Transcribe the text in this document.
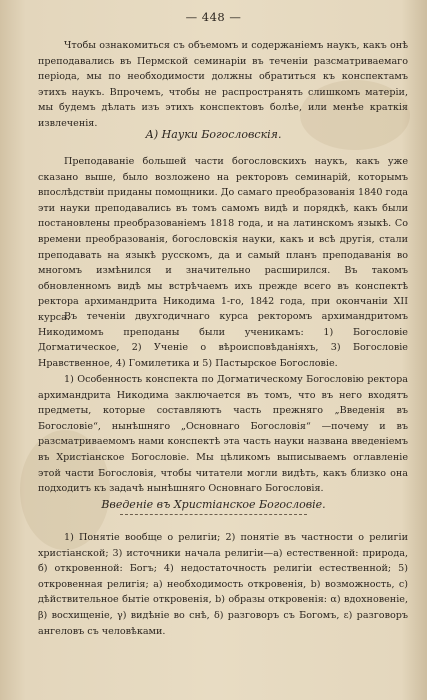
— 448 —
Чтобы ознакомиться съ объемомъ и содержаніемъ наукъ, какъ онѣ преподавались въ Пермской семинаріи въ теченіи разсматриваемаго періода, мы по необходимости должны обратиться къ конспектамъ этихъ наукъ. Впрочемъ, чтобы не распространять слишкомъ матеріи, мы будемъ дѣлать изъ этихъ конспектовъ болѣе, или менѣе краткія извлеченія.
А) Науки Богословскія.
Преподаваніе большей части богословскихъ наукъ, какъ уже сказано выше, было возложено на ректоровъ семинарій, которымъ впослѣдствіи приданы помощники. До самаго преобразованія 1840 года эти науки преподавались въ томъ самомъ видѣ и порядкѣ, какъ были постановлены преобразованіемъ 1818 года, и на латинскомъ языкѣ. Со времени преобразованія, богословскія науки, какъ и всѣ другія, стали преподавать на языкѣ русскомъ, да и самый планъ преподаванія во многомъ измѣнился и значительно расширился. Въ такомъ обновленномъ видѣ мы встрѣчаемъ ихъ прежде всего въ конспектѣ ректора архимандрита Никодима 1-го, 1842 года, при окончаніи XII курса.
Въ теченіи двухгодичнаго курса ректоромъ архимандритомъ Никодимомъ преподаны были ученикамъ: 1) Богословіе Догматическое, 2) Ученіе о вѣроисповѣданіяхъ, 3) Богословіе Нравственное, 4) Гомилетика и 5) Пастырское Богословіе.
1) Особенность конспекта по Догматическому Богословію ректора архимандрита Никодима заключается въ томъ, что въ него входятъ предметы, которые составляютъ часть прежняго „Введенія въ Богословіе“, нынѣшняго „Основнаго Богословія“ —почему и въ разсматриваемомъ нами конспектѣ эта часть науки названа введеніемъ въ Христіанское Богословіе. Мы цѣликомъ выписываемъ оглавленіе этой части Богословія, чтобы читатели могли видѣть, какъ близко она подходитъ къ задачѣ нынѣшняго Основнаго Богословія.
Введеніе въ Христіанское Богословіе.
1) Понятіе вообще о религіи; 2) понятіе въ частности о религіи христіанской; 3) источники начала религіи—а) естественной: природа, б) откровенной: Богъ; 4) недостаточность религіи естественной; 5) откровенная религія; а) необходимость откровенія, b) возможность, с) дѣйствительное бытіе откровенія, b) образы откровенія: α) вдохновеніе, β) восхищеніе, γ) видѣніе во снѣ, δ) разговоръ съ Богомъ, ε) разговоръ ангеловъ съ человѣками.
